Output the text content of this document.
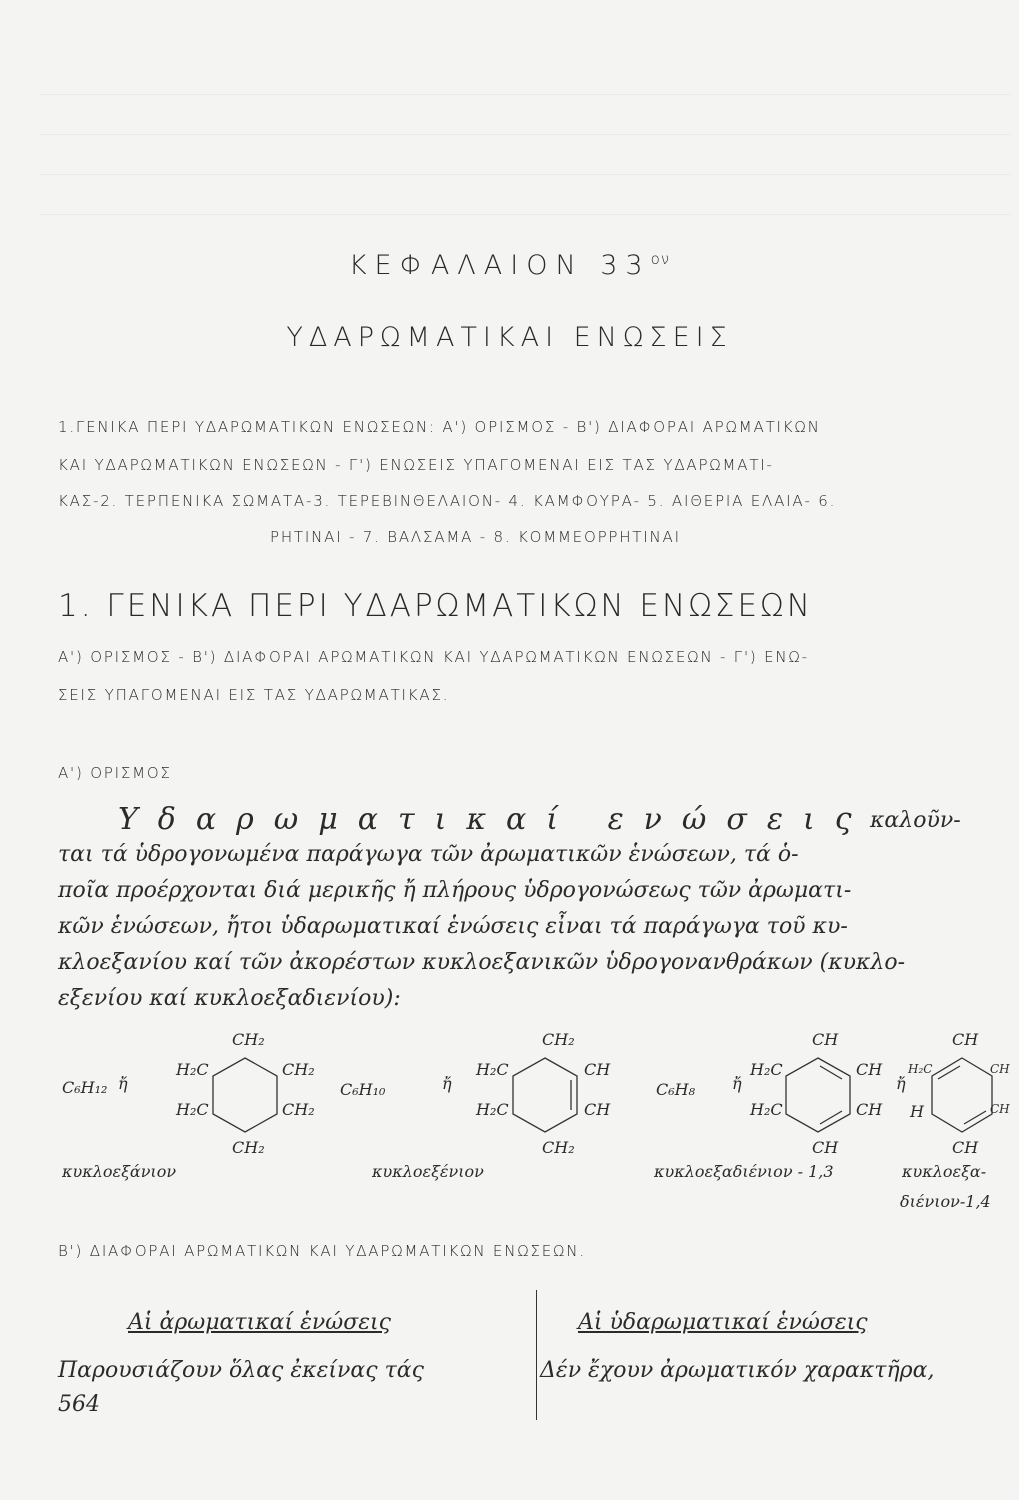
ΚΕΦΑΛΑΙΟΝ $33^{o\nu}$
ΥΔΑΡΩΜΑΤΙΚΑΙ ΕΝΩΣΕΙΣ
1.ΓΕΝΙΚΑ ΠΕΡΙ ΥΔΑΡΩΜΑΤΙΚΩΝ ΕΝΩΣΕΩΝ: Α') ΟΡΙΣΜΟΣ - Β') ΔΙΑΦΟΡΑΙ ΑΡΩΜΑΤΙΚΩΝ
ΚΑΙ ΥΔΑΡΩΜΑΤΙΚΩΝ ΕΝΩΣΕΩΝ - Γ') ΕΝΩΣΕΙΣ ΥΠΑΓΟΜΕΝΑΙ ΕΙΣ ΤΑΣ ΥΔΑΡΩΜΑΤΙ-
ΚΑΣ-2. ΤΕΡΠΕΝΙΚΑ ΣΩΜΑΤΑ-3. ΤΕΡΕΒΙΝΘΕΛΑΙΟΝ- 4. ΚΑΜΦΟΥΡΑ- 5. ΑΙΘΕΡΙΑ ΕΛΑΙΑ- 6.
ΡΗΤΙΝΑΙ - 7. ΒΑΛΣΑΜΑ - 8. ΚΟΜΜΕΟΡΡΗΤΙΝΑΙ
1. ΓΕΝΙΚΑ ΠΕΡΙ ΥΔΑΡΩΜΑΤΙΚΩΝ ΕΝΩΣΕΩΝ
Α') ΟΡΙΣΜΟΣ - Β') ΔΙΑΦΟΡΑΙ ΑΡΩΜΑΤΙΚΩΝ ΚΑΙ ΥΔΑΡΩΜΑΤΙΚΩΝ ΕΝΩΣΕΩΝ - Γ') ΕΝΩ-
ΣΕΙΣ ΥΠΑΓΟΜΕΝΑΙ ΕΙΣ ΤΑΣ ΥΔΑΡΩΜΑΤΙΚΑΣ.
Α') ΟΡΙΣΜΟΣ
Υδαρωματικαί ενώσεις
καλοῦν-
ται τά ὑδρογονωμένα παράγωγα τῶν ἀρωματικῶν ἑνώσεων, τά ὁ-
ποῖα προέρχονται διά μερικῆς ἤ πλήρους ὑδρογονώσεως τῶν ἀρωματι-
κῶν ἑνώσεων, ἤτοι ὑδαρωματικαί ἑνώσεις εἶναι τά παράγωγα τοῦ κυ-
κλοεξανίου καί τῶν ἀκορέστων κυκλοεξανικῶν ὑδρογονανθράκων (κυκλο-
εξενίου καί κυκλοεξαδιενίου):
C₆H₁₂ ἤ
CH₂
H₂C	CH₂
H₂C	CH₂
CH₂
κυκλοεξάνιον
C₆H₁₀	ἤ
CH₂
H₂C	CH
H₂C	CH
CH₂
κυκλοεξένιον
C₆H₈ ἤ
CH
H₂C	CH
H₂C	CH
CH
κυκλοεξαδιένιον - 1,3
ἤ
CH
H₂C	CH
H	CH
CH
κυκλοεξα-
διένιον-1,4
Β') ΔΙΑΦΟΡΑΙ ΑΡΩΜΑΤΙΚΩΝ ΚΑΙ ΥΔΑΡΩΜΑΤΙΚΩΝ ΕΝΩΣΕΩΝ.
Αἱ ἀρωματικαί ἑνώσεις	Αἱ ὑδαρωματικαί ἑνώσεις
Παρουσιάζουν ὅλας ἐκείνας τάς	Δέν ἔχουν ἀρωματικόν χαρακτῆρα,
564
